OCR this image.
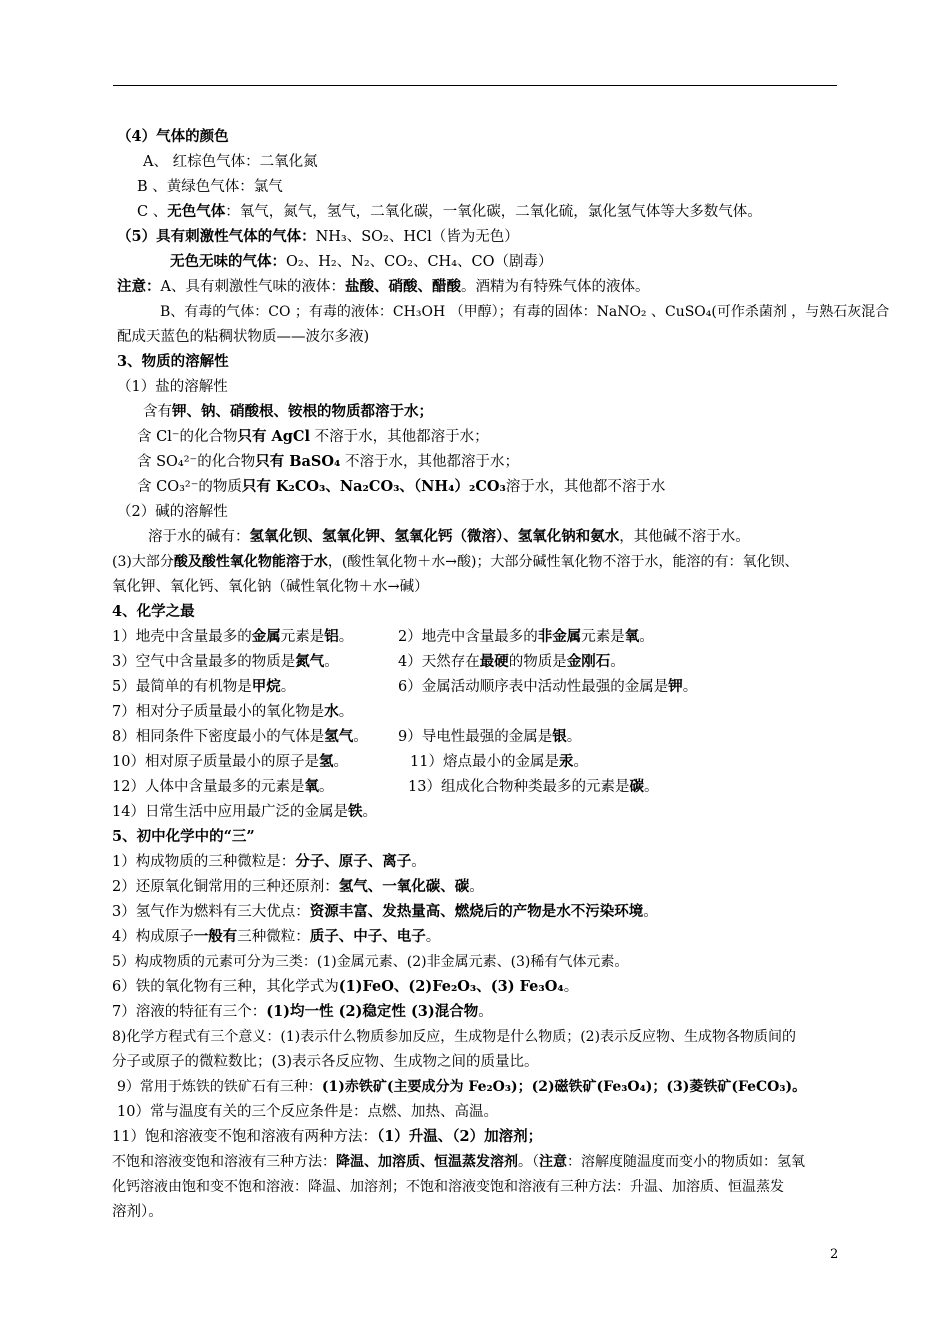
（4）气体的颜色
A、 红棕色气体：二氧化氮
B 、黄绿色气体：氯气
C 、无色气体：氧气，氮气，氢气，二氧化碳，一氧化碳，二氧化硫，氯化氢气体等大多数气体。
（5）具有刺激性气体的气体：NH₃、SO₂、HCl（皆为无色）
无色无味的气体：O₂、H₂、N₂、CO₂、CH₄、CO（剧毒）
注意：A、具有刺激性气味的液体：盐酸、硝酸、醋酸。酒精为有特殊气体的液体。
B、有毒的气体：CO ；有毒的液体：CH₃OH （甲醇）；有毒的固体：NaNO₂ 、CuSO₄(可作杀菌剂 ，与熟石灰混合
配成天蓝色的粘稠状物质——波尔多液)
3、物质的溶解性
（1）盐的溶解性
含有钾、钠、硝酸根、铵根的物质都溶于水；
含 Cl⁻的化合物只有 AgCl 不溶于水，其他都溶于水；
含 SO₄²⁻的化合物只有 BaSO₄ 不溶于水，其他都溶于水；
含 CO₃²⁻的物质只有 K₂CO₃、Na₂CO₃、（NH₄）₂CO₃溶于水，其他都不溶于水
（2）碱的溶解性
溶于水的碱有：氢氧化钡、氢氧化钾、氢氧化钙（微溶）、氢氧化钠和氨水，其他碱不溶于水。
(3)大部分酸及酸性氧化物能溶于水，(酸性氧化物＋水→酸)；大部分碱性氧化物不溶于水，能溶的有：氧化钡、
氧化钾、氧化钙、氧化钠（碱性氧化物＋水→碱）
4、化学之最
1）地壳中含量最多的金属元素是铝。	2）地壳中含量最多的非金属元素是氧。
3）空气中含量最多的物质是氮气。	4）天然存在最硬的物质是金刚石。
5）最简单的有机物是甲烷。	6）金属活动顺序表中活动性最强的金属是钾。
7）相对分子质量最小的氧化物是水。
8）相同条件下密度最小的气体是氢气。 9）导电性最强的金属是银。
10）相对原子质量最小的原子是氢。	11）熔点最小的金属是汞。
12）人体中含量最多的元素是氧。	13）组成化合物种类最多的元素是碳。
14）日常生活中应用最广泛的金属是铁。
5、初中化学中的“三”
1）构成物质的三种微粒是：分子、原子、离子。
2）还原氧化铜常用的三种还原剂：氢气、一氧化碳、碳。
3）氢气作为燃料有三大优点：资源丰富、发热量高、燃烧后的产物是水不污染环境。
4）构成原子一般有三种微粒：质子、中子、电子。
5）构成物质的元素可分为三类：(1)金属元素、(2)非金属元素、(3)稀有气体元素。
6）铁的氧化物有三种，其化学式为(1)FeO、(2)Fe₂O₃、(3) Fe₃O₄。
7）溶液的特征有三个：(1)均一性 (2)稳定性 (3)混合物。
8)化学方程式有三个意义：(1)表示什么物质参加反应，生成物是什么物质；(2)表示反应物、生成物各物质间的
分子或原子的微粒数比；(3)表示各反应物、生成物之间的质量比。
9）常用于炼铁的铁矿石有三种：(1)赤铁矿(主要成分为 Fe₂O₃)；(2)磁铁矿(Fe₃O₄)；(3)菱铁矿(FeCO₃)。
10）常与温度有关的三个反应条件是：点燃、加热、高温。
11）饱和溶液变不饱和溶液有两种方法：（1）升温、（2）加溶剂；
不饱和溶液变饱和溶液有三种方法：降温、加溶质、恒温蒸发溶剂。（注意：溶解度随温度而变小的物质如：氢氧
化钙溶液由饱和变不饱和溶液：降温、加溶剂；不饱和溶液变饱和溶液有三种方法：升温、加溶质、恒温蒸发
溶剂）。
2
